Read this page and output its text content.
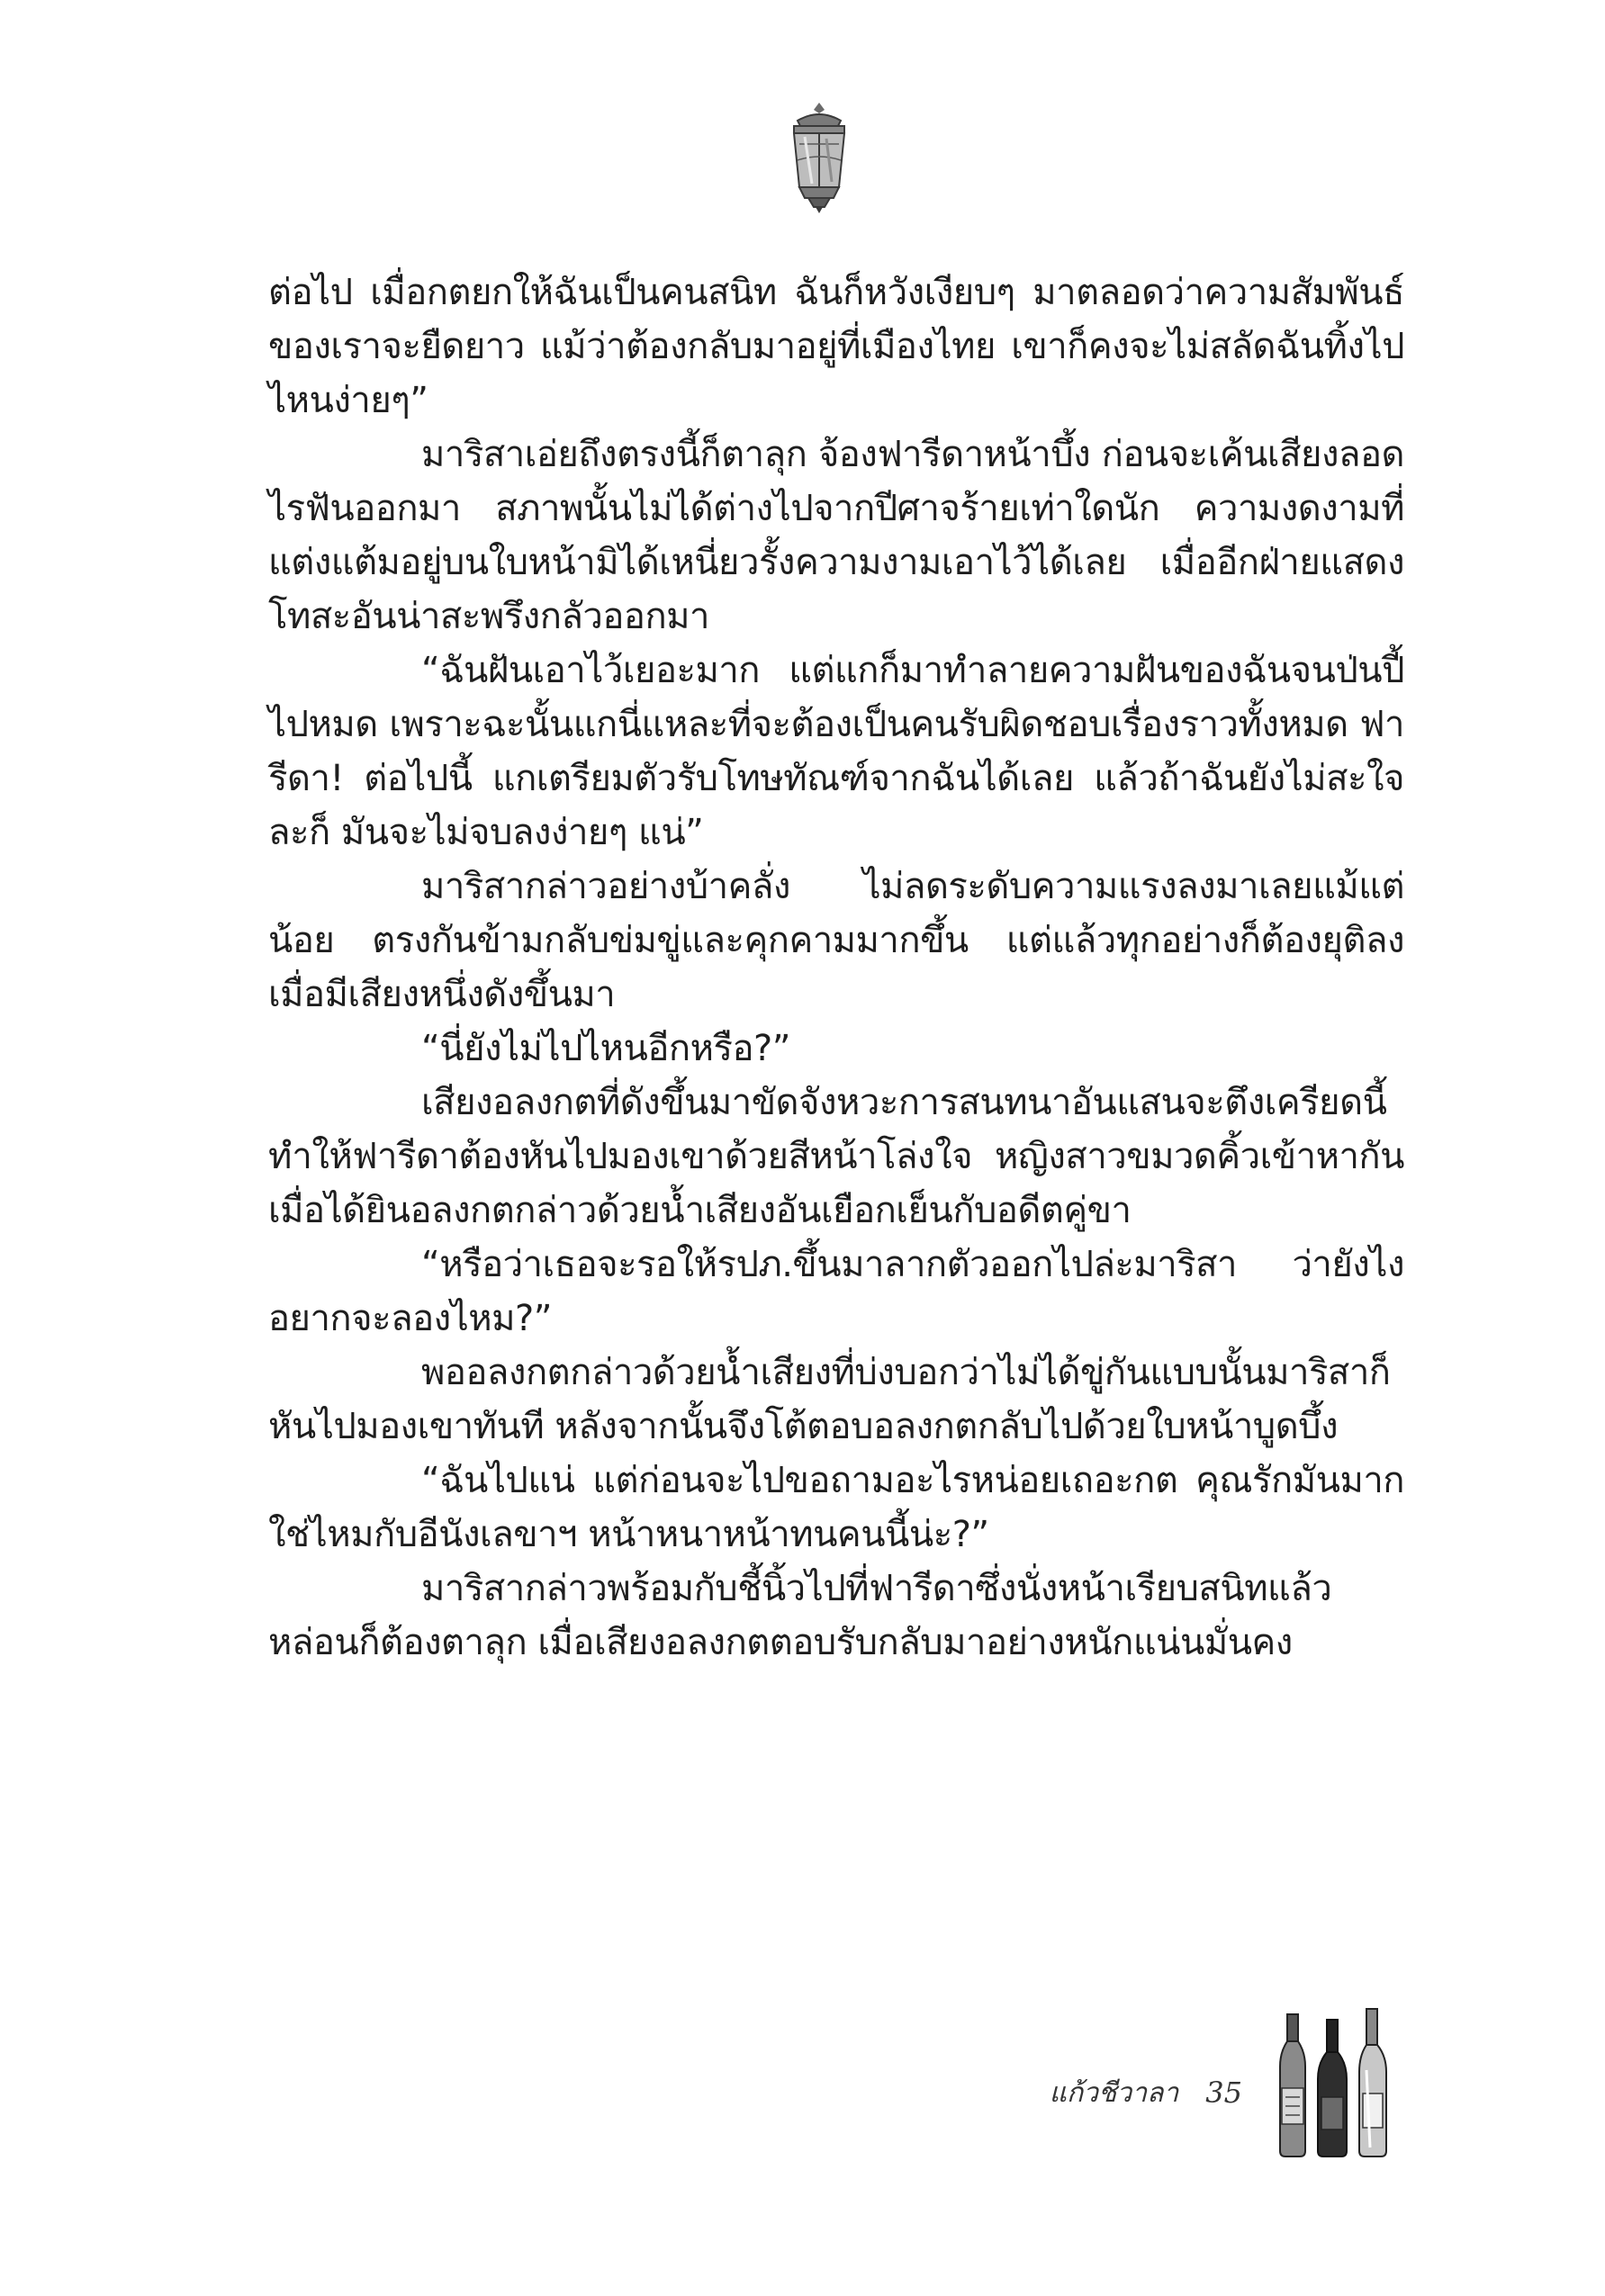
ต่อไป เมื่อกตยกให้ฉันเป็นคนสนิท ฉันก็หวังเงียบๆ มาตลอดว่าความสัมพันธ์ของเราจะยืดยาว แม้ว่าต้องกลับมาอยู่ที่เมืองไทย เขาก็คงจะไม่สลัดฉันทิ้งไปไหนง่ายๆ”

มาริสาเอ่ยถึงตรงนี้ก็ตาลุก จ้องฟารีดาหน้าบึ้ง ก่อนจะเค้นเสียงลอดไรฟันออกมา สภาพนั้นไม่ได้ต่างไปจากปีศาจร้ายเท่าใดนัก ความงดงามที่แต่งแต้มอยู่บนใบหน้ามิได้เหนี่ยวรั้งความงามเอาไว้ได้เลย เมื่ออีกฝ่ายแสดงโทสะอันน่าสะพรึงกลัวออกมา

“ฉันฝันเอาไว้เยอะมาก แต่แกก็มาทำลายความฝันของฉันจนป่นปี้ไปหมด เพราะฉะนั้นแกนี่แหละที่จะต้องเป็นคนรับผิดชอบเรื่องราวทั้งหมด ฟารีดา! ต่อไปนี้ แกเตรียมตัวรับโทษทัณฑ์จากฉันได้เลย แล้วถ้าฉันยังไม่สะใจละก็ มันจะไม่จบลงง่ายๆ แน่”

มาริสากล่าวอย่างบ้าคลั่ง ไม่ลดระดับความแรงลงมาเลยแม้แต่น้อย ตรงกันข้ามกลับข่มขู่และคุกคามมากขึ้น แต่แล้วทุกอย่างก็ต้องยุติลงเมื่อมีเสียงหนึ่งดังขึ้นมา

“นี่ยังไม่ไปไหนอีกหรือ?”

เสียงอลงกตที่ดังขึ้นมาขัดจังหวะการสนทนาอันแสนจะตึงเครียดนี้ทำให้ฟารีดาต้องหันไปมองเขาด้วยสีหน้าโล่งใจ หญิงสาวขมวดคิ้วเข้าหากันเมื่อได้ยินอลงกตกล่าวด้วยน้ำเสียงอันเยือกเย็นกับอดีตคู่ขา

“หรือว่าเธอจะรอให้รปภ.ขึ้นมาลากตัวออกไปล่ะมาริสา ว่ายังไงอยากจะลองไหม?”

พออลงกตกล่าวด้วยน้ำเสียงที่บ่งบอกว่าไม่ได้ขู่กันแบบนั้นมาริสาก็หันไปมองเขาทันที หลังจากนั้นจึงโต้ตอบอลงกตกลับไปด้วยใบหน้าบูดบึ้ง

“ฉันไปแน่ แต่ก่อนจะไปขอถามอะไรหน่อยเถอะกต คุณรักมันมากใช่ไหมกับอีนังเลขาฯ หน้าหนาหน้าทนคนนี้น่ะ?”

มาริสากล่าวพร้อมกับชี้นิ้วไปที่ฟารีดาซึ่งนั่งหน้าเรียบสนิทแล้วหล่อนก็ต้องตาลุก เมื่อเสียงอลงกตตอบรับกลับมาอย่างหนักแน่นมั่นคง

แก้วชีวาลา 35
